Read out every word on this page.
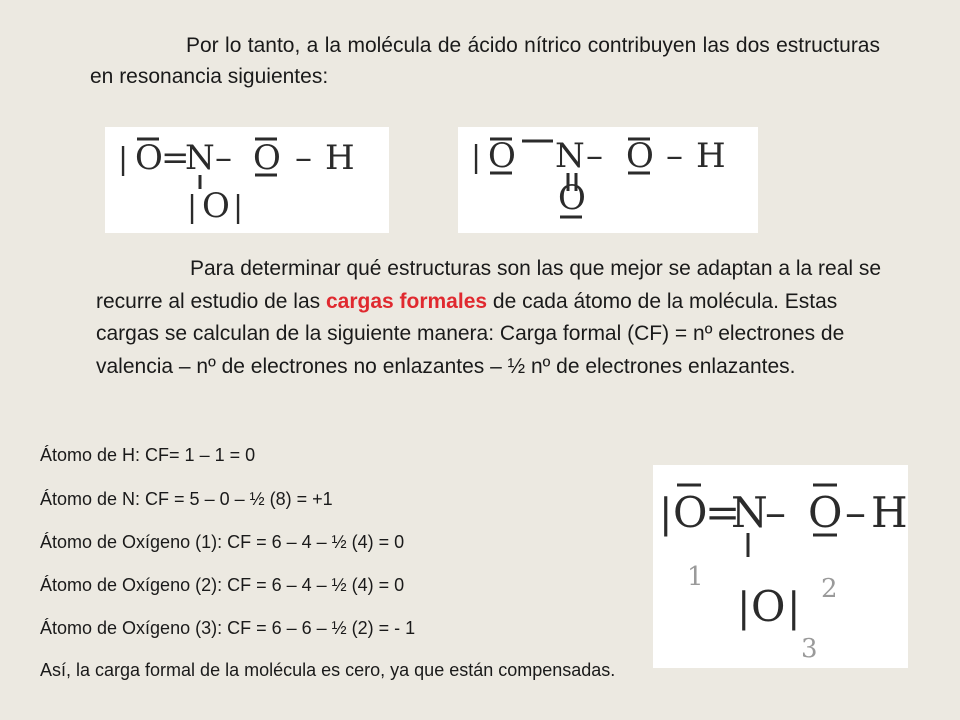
Por lo tanto, a la molécula de ácido nítrico contribuyen las dos estructuras en resonancia siguientes:

| O
=
N – O – H
| O |
| O N – O – H
O

Para determinar qué estructuras son las que mejor se adaptan a la real se recurre al estudio de las cargas formales de cada átomo de la molécula. Estas cargas se calculan de la siguiente manera: Carga formal (CF) = nº electrones de valencia – nº de electrones no enlazantes – ½ nº de electrones enlazantes.

Átomo de H: CF= 1 – 1 = 0

Átomo de N: CF = 5 – 0 – ½ (8) = +1

Átomo de Oxígeno (1): CF = 6 – 4 – ½ (4) = 0

Átomo de Oxígeno (2): CF = 6 – 4 – ½ (4) = 0

Átomo de Oxígeno (3): CF = 6 – 6 – ½ (2) = - 1

| O
=
N
– O – H
| O |
1	2
3

Así, la carga formal de la molécula es cero, ya que están compensadas.
